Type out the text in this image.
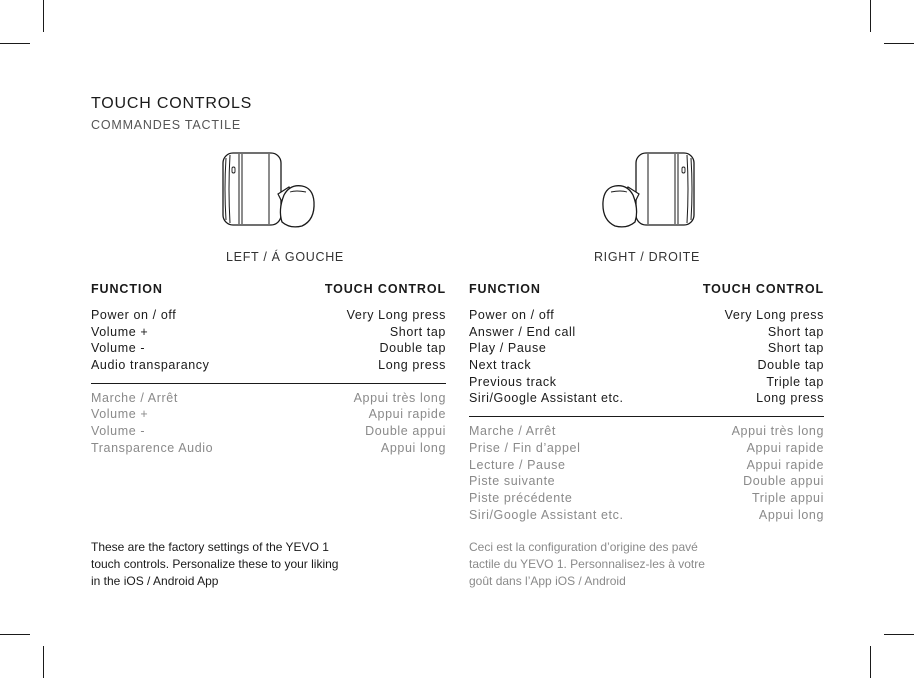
TOUCH CONTROLS
COMMANDES TACTILE
LEFT / Á GOUCHE	RIGHT / DROITE
FUNCTION	TOUCH CONTROL
Power on / off	Very Long press
Volume +	Short tap
Volume -	Double tap
Audio transparancy	Long press
Marche / Arrêt	Appui très long
Volume +	Appui rapide
Volume -	Double appui
Transparence Audio	Appui long
FUNCTION	TOUCH CONTROL
Power on / off	Very Long press
Answer / End call	Short tap
Play / Pause	Short tap
Next track	Double tap
Previous track	Triple tap
Siri/Google Assistant etc.	Long press
Marche / Arrêt	Appui très long
Prise / Fin d’appel	Appui rapide
Lecture / Pause	Appui rapide
Piste suivante	Double appui
Piste précédente	Triple appui
Siri/Google Assistant etc.	Appui long
These are the factory settings of the YEVO 1 touch controls. Personalize these to your liking in the iOS / Android App
Ceci est la configuration d’origine des pavé tactile du YEVO 1. Personnalisez-les à votre goût dans l’App iOS / Android
